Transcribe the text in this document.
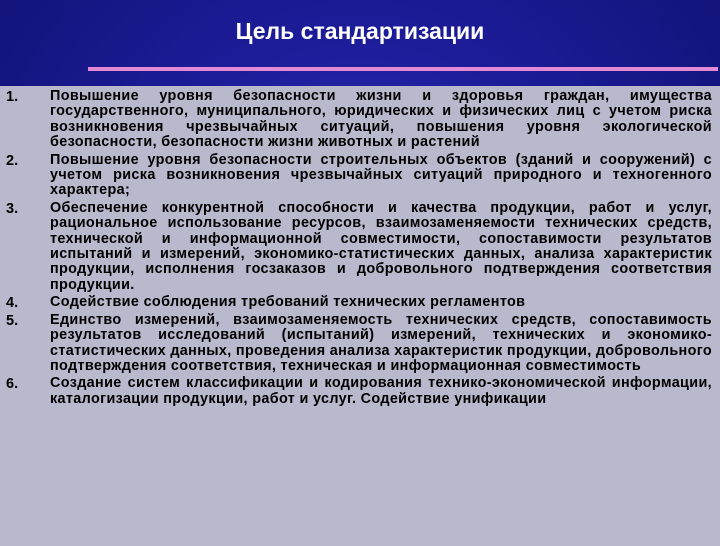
Цель стандартизации
1. Повышение уровня безопасности жизни и здоровья граждан, имущества государственного, муниципального, юридических и физических лиц с учетом риска возникновения чрезвычайных ситуаций, повышения уровня экологической безопасности, безопасности жизни животных и растений
2. Повышение уровня безопасности строительных объектов (зданий и сооружений) с учетом риска возникновения чрезвычайных ситуаций природного и техногенного характера;
3. Обеспечение конкурентной способности и качества продукции, работ и услуг, рациональное использование ресурсов, взаимозаменяемости технических средств, технической и информационной совместимости, сопоставимости результатов испытаний и измерений, экономико-статистических данных, анализа характеристик продукции, исполнения госзаказов и добровольного подтверждения соответствия продукции.
4. Содействие соблюдения требований технических регламентов
5. Единство измерений, взаимозаменяемость технических средств, сопоставимость результатов исследований (испытаний) измерений, технических и экономико-статистических данных, проведения анализа характеристик продукции, добровольного подтверждения соответствия, техническая и информационная совместимость
6. Создание систем классификации и кодирования технико-экономической информации, каталогизации продукции, работ и услуг. Содействие унификации
